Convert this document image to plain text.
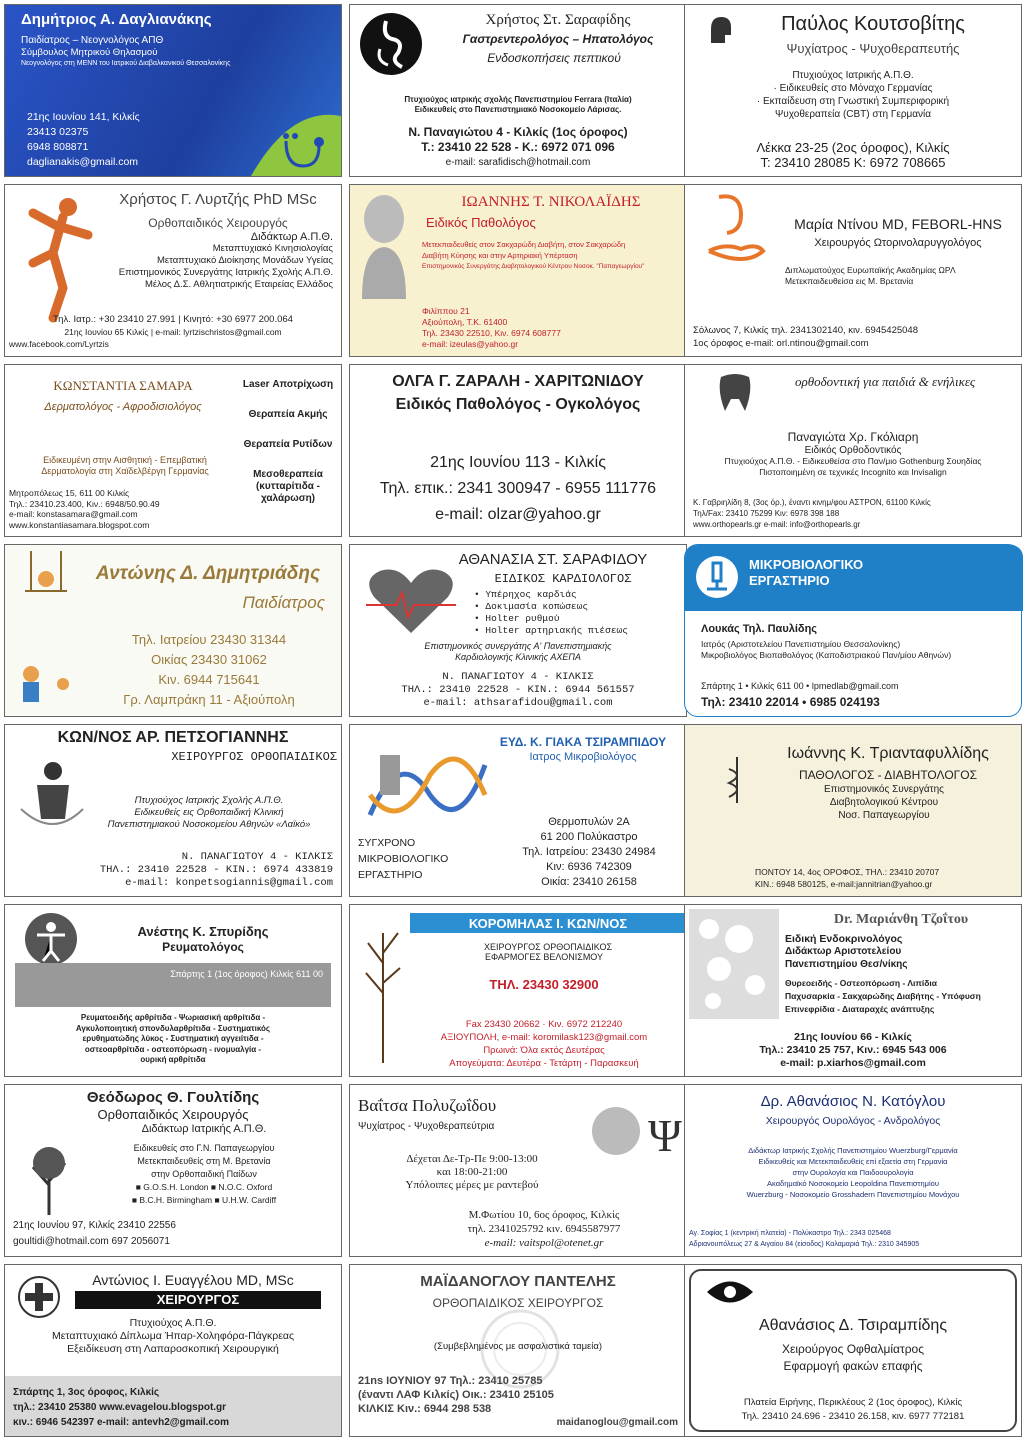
Δημήτριος Α. Δαγλιανάκης
Παιδίατρος – Νεογνολόγος ΑΠΘ
Σύμβουλος Μητρικού Θηλασμού
Νεογνολόγος στη ΜΕΝΝ του Ιατρικού Διαβαλκανικού Θεσσαλονίκης
21ης Ιουνίου 141, Κιλκίς
23413 02375
6948 808871
daglianakis@gmail.com
Χρήστος Στ. Σαραφίδης
Γαστρεντερολόγος – Ηπατολόγος
Ενδοσκοπήσεις πεπτικού
Πτυχιούχος ιατρικής σχολής Πανεπιστημίου Ferrara (Ιταλία)
Ειδικευθείς στο Πανεπιστημιακό Νοσοκομείο Λάρισας.
Ν. Παναγιώτου 4 - Κιλκίς (1ος όροφος)
Τ.: 23410 22 528 - Κ.: 6972 071 096
e-mail: sarafidisch@hotmail.com
Παύλος Κουτσοβίτης
Ψυχίατρος - Ψυχοθεραπευτής
Πτυχιούχος Ιατρικής Α.Π.Θ.
· Ειδικευθείς στο Μόναχο Γερμανίας
· Εκπαίδευση στη Γνωστική Συμπεριφορική
Ψυχοθεραπεία (CBT) στη Γερμανία
Λέκκα 23-25 (2ος όροφος), Κιλκίς
Τ: 23410 28085 Κ: 6972 708665
Χρήστος Γ. Λυρτζής PhD MSc
Ορθοπαιδικός Χειρουργός
Διδάκτωρ Α.Π.Θ.
Μεταπτυχιακό Κινησιολογίας
Μεταπτυχιακό Διοίκησης Μονάδων Υγείας
Επιστημονικός Συνεργάτης Ιατρικής Σχολής Α.Π.Θ.
Μέλος Δ.Σ. Αθλητιατρικής Εταιρείας Ελλάδος
Τηλ. Ιατρ.: +30 23410 27.991 | Κινητό: +30 6977 200.064
21ης Ιουνίου 65 Κιλκίς | e-mail: lyrtzischristos@gmail.com
www.facebook.com/Lyrtzis
ΙΩΑΝΝΗΣ Τ. ΝΙΚΟΛΑΪΔΗΣ
Ειδικός Παθολόγος
Μετεκπαιδευθείς στον Σακχαρώδη Διαβήτη, στον Σακχαρώδη
Διαβήτη Κύησης και στην Αρτηριακή Υπέρταση
Επιστημονικός Συνεργάτης Διαβητολογικού Κέντρου Νοσοκ. "Παπαγεωργίου"
Φιλίππου 21
Αξιούπολη, Τ.Κ. 61400
Τηλ. 23430 22510, Κιν. 6974 608777
e-mail: izeulas@yahoo.gr
Μαρία Ντίνου MD, FEBORL-HNS
Χειρουργός Ωτορινολαρυγγολόγος
Διπλωματούχος Ευρωπαϊκής Ακαδημίας ΩΡΛ
Μετεκπαιδευθείσα εις Μ. Βρετανία
Σόλωνος 7, Κιλκίς τηλ. 2341302140, κιν. 6945425048
1ος όροφος e-mail: orl.ntinou@gmail.com
ΚΩΝΣΤΑΝΤΙΑ ΣΑΜΑΡΑ
Δερματολόγος - Αφροδισιολόγος
Ειδικευμένη στην Αισθητική - Επεμβατική
Δερματολογία στη Χαϊδελβέργη Γερμανίας
Laser Αποτρίχωση
Θεραπεία Ακμής
Θεραπεία Ρυτίδων
Μεσοθεραπεία (κυτταρίτιδα - χαλάρωση)
Μητροπόλεως 15, 611 00 Κιλκίς
Τηλ.: 23410.23.400, Κιν.: 6948/50.90.49
e-mail: konstasamara@gmail.com
www.konstantiasamara.blogspot.com
ΟΛΓΑ Γ. ΖΑΡΑΛΗ - ΧΑΡΙΤΩΝΙΔΟΥ
Ειδικός Παθολόγος - Ογκολόγος
21ης Ιουνίου 113 - Κιλκίς
Τηλ. επικ.: 2341 300947 - 6955 111776
e-mail: olzar@yahoo.gr
ορθοδοντική για παιδιά & ενήλικες
Παναγιώτα Χρ. Γκόλιαρη
Ειδικός Ορθοδοντικός
Πτυχιούχος Α.Π.Θ. - Ειδικευθείσα στο Παν/μιο Gothenburg Σουηδίας
Πιστοποιημένη σε τεχνικές Incognito και Invisalign
Κ. Γαβριηλίδη 8, (3ος όρ.), έναντι κινημ/φου ΑΣΤΡΟΝ, 61100 Κιλκίς
Τηλ/Fax: 23410 75299 Κιν: 6978 398 188
www.orthopearls.gr e-mail: info@orthopearls.gr
Αντώνης Δ. Δημητριάδης
Παιδίατρος
Τηλ. Ιατρείου 23430 31344
Οικίας 23430 31062
Κιν. 6944 715641
Γρ. Λαμπράκη 11 - Αξιούπολη
ΑΘΑΝΑΣΙΑ ΣΤ. ΣΑΡΑΦΙΔΟΥ
ΕΙΔΙΚΟΣ ΚΑΡΔΙΟΛΟΓΟΣ
• Υπέρηχος καρδιάς
• Δοκιμασία κοπώσεως
• Holter ρυθμού
• Holter αρτηριακής πιέσεως
Επιστημονικός συνεργάτης Α' Πανεπιστημιακής
Καρδιολογικής Κλινικής ΑΧΕΠΑ
Ν. ΠΑΝΑΓΙΩΤΟΥ 4 - ΚΙΛΚΙΣ
ΤΗΛ.: 23410 22528 - ΚΙΝ.: 6944 561557
e-mail: athsarafidou@gmail.com
ΜΙΚΡΟΒΙΟΛΟΓΙΚΟ ΕΡΓΑΣΤΗΡΙΟ
Λουκάς Τηλ. Παυλίδης
Ιατρός (Αριστοτελείου Πανεπιστημίου Θεσσαλονίκης)
Μικροβιολόγος Βιοπαθολόγος (Καποδιστριακού Παν/μίου Αθηνών)
Σπάρτης 1 • Κιλκίς 611 00 • lpmedlab@gmail.com
Τηλ: 23410 22014 • 6985 024193
ΚΩΝ/ΝΟΣ ΑΡ. ΠΕΤΣΟΓΙΑΝΝΗΣ
ΧΕΙΡΟΥΡΓΟΣ ΟΡΘΟΠΑΙΔΙΚΟΣ
Πτυχιούχος Ιατρικής Σχολής Α.Π.Θ.
Ειδικευθείς εις Ορθοπαιδική Κλινική
Πανεπιστημιακού Νοσοκομείου Αθηνών «Λαϊκό»
Ν. ΠΑΝΑΓΙΩΤΟΥ 4 - ΚΙΛΚΙΣ
ΤΗΛ.: 23410 22528 - ΚΙΝ.: 6974 433819
e-mail: konpetsogiannis@gmail.com
ΕΥΔ. Κ. ΓΙΑΚΑ ΤΣΙΡΑΜΠΙΔΟΥ
Ιατρος Μικροβιολόγος
ΣΥΓΧΡΟΝΟ
ΜΙΚΡΟΒΙΟΛΟΓΙΚΟ
ΕΡΓΑΣΤΗΡΙΟ
Θερμοπυλών 2Α
61 200 Πολύκαστρο
Τηλ. Ιατρείου: 23430 24984
Κιν: 6936 742309
Οικία: 23410 26158
Ιωάννης Κ. Τριανταφυλλίδης
ΠΑΘΟΛΟΓΟΣ - ΔΙΑΒΗΤΟΛΟΓΟΣ
Επιστημονικός Συνεργάτης
Διαβητολογικού Κέντρου
Νοσ. Παπαγεωργίου
ΠΟΝΤΟΥ 14, 4ος ΟΡΟΦΟΣ, ΤΗΛ.: 23410 20707
ΚΙΝ.: 6948 580125, e-mail:jannitrian@yahoo.gr
Ανέστης Κ. Σπυρίδης
Ρευματολόγος
Σπάρτης 1 (1ος όροφος) Κιλκίς 611 00
Ρευματοειδής αρθρίτιδα - Ψωριασική αρθρίτιδα -
Αγκυλοποιητική σπονδυλαρθρίτιδα - Συστηματικός
ερυθηματώδης λύκος - Συστηματική αγγειίτιδα -
οστεοαρθρίτιδα - οστεοπόρωση - ινομυαλγία -
ουρική αρθρίτιδα
ΚΟΡΟΜΗΛΑΣ Ι. ΚΩΝ/ΝΟΣ
ΧΕΙΡΟΥΡΓΟΣ ΟΡΘΟΠΑΙΔΙΚΟΣ
ΕΦΑΡΜΟΓΕΣ ΒΕΛΟΝΙΣΜΟΥ
ΤΗΛ. 23430 32900
Fax 23430 20662 · Κιν. 6972 212240
ΑΞΙΟΥΠΟΛΗ, e-mail: koromilask123@gmail.com
Πρωινά: Όλα εκτός Δευτέρας
Απογεύματα: Δευτέρα - Τετάρτη - Παρασκευή
Dr. Μαριάνθη Τζοΐτου
Ειδική Ενδοκρινολόγος
Διδάκτωρ Αριστοτελείου
Πανεπιστημίου Θεσ/νίκης
Θυρεοειδής - Οστεοπόρωση - Λιπίδια
Παχυσαρκία - Σακχαρώδης Διαβήτης - Υπόφυση
Επινεφρίδια - Διαταραχές ανάπτυξης
21ης Ιουνίου 66 - Κιλκίς
Τηλ.: 23410 25 757, Κιν.: 6945 543 006
e-mail: p.xiarhos@gmail.com
Θεόδωρος Θ. Γουλτίδης
Ορθοπαιδικός Χειρουργός
Διδάκτωρ Ιατρικής Α.Π.Θ.
Ειδικευθείς στο Γ.Ν. Παπαγεωργίου
Μετεκπαιδευθείς στη Μ. Βρετανία
στην Ορθοπαιδική Παίδων
■ G.O.S.H. London ■ N.O.C. Oxford
■ B.C.H. Birmingham ■ U.H.W. Cardiff
21ης Ιουνίου 97, Κιλκίς 23410 22556
goultidi@hotmail.com 697 2056071
Βαΐτσα Πολυζωΐδου
Ψυχίατρος - Ψυχοθεραπεύτρια	Ψ
Δέχεται Δε-Τρ-Πε 9:00-13:00
και 18:00-21:00
Υπόλοιπες μέρες με ραντεβού
Μ.Φωτίου 10, 6ος όροφος, Κιλκίς
τηλ. 2341025792 κιν. 6945587977
e-mail: vaitspol@otenet.gr
Δρ. Αθανάσιος Ν. Κατόγλου
Χειρουργός Ουρολόγος - Ανδρολόγος
Διδάκτωρ Ιατρικής Σχολής Πανεπιστημίου Wuerzburg/Γερμανία
Ειδικευθείς και Μετεκπαιδευθείς επί εξαετία στη Γερμανία
στην Ουρολογία και Παιδοουρολογία
Ακαδημαϊκό Νοσοκομείο Leopoldina Πανεπιστημίου
Wuerzburg - Νοσοκομείο Grosshadern Πανεπιστημίου Μονάχου
Αγ. Σοφίας 1 (κεντρική πλατεία) - Πολύκαστρο Τηλ.: 2343 025468
Αδριανουπόλεως 27 & Αιγαίου 84 (είσοδος) Καλαμαριά Τηλ.: 2310 345905
Αντώνιος Ι. Ευαγγέλου MD, MSc
ΧΕΙΡΟΥΡΓΟΣ
Πτυχιούχος Α.Π.Θ.
Μεταπτυχιακό Δίπλωμα Ήπαρ-Χοληφόρα-Πάγκρεας
Εξειδίκευση στη Λαπαροσκοπική Χειρουργική
Σπάρτης 1, 3ος όροφος, Κιλκίς
τηλ.: 23410 25380 www.evagelou.blogspot.gr
κιν.: 6946 542397 e-mail: antevh2@gmail.com
ΜΑΪΔΑΝΟΓΛΟΥ ΠΑΝΤΕΛΗΣ
ΟΡΘΟΠΑΙΔΙΚΟΣ ΧΕΙΡΟΥΡΓΟΣ
(Συμβεβλημένος με ασφαλιστικά ταμεία)
21ns ΙΟΥΝΙΟΥ 97 Τηλ.: 23410 25785
(έναντι ΛΑΦ Κιλκίς) Οικ.: 23410 25105
ΚΙΛΚΙΣ Κιν.: 6944 298 538
maidanoglou@gmail.com
Αθανάσιος Δ. Τσιραμπίδης
Χειρούργος Οφθαλμίατρος
Εφαρμογή φακών επαφής
Πλατεία Ειρήνης, Περικλέους 2 (1ος όροφος), Κιλκίς
Τηλ. 23410 24.696 - 23410 26.158, κιν. 6977 772181
